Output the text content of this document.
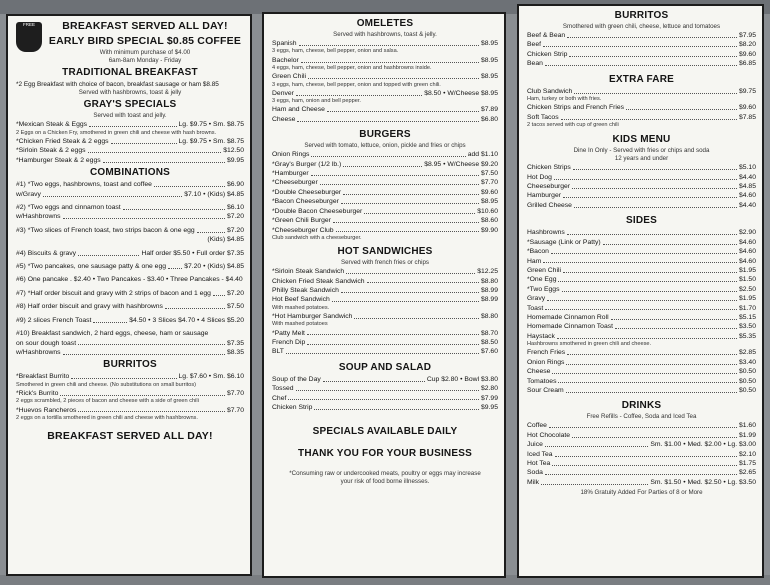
FREE	BREAKFAST SERVED ALL DAY!
EARLY BIRD SPECIAL $0.85 COFFEE
With minimum purchase of $4.00
6am-8am Monday - Friday
TRADITIONAL BREAKFAST
*2 Egg Breakfast with choice of bacon, breakfast sausage or ham $8.85
Served with hashbrowns, toast & jelly
GRAY'S SPECIALS
Served with toast and jelly.
*Mexican Steak & Eggs	Lg. $9.75 • Sm. $8.75
2 Eggs on a Chicken Fry, smothered in green chili and cheese with hash browns.
*Chicken Fried Steak & 2 eggs	Lg. $9.75 • Sm. $8.75
*Sirloin Steak & 2 eggs	$12.50
*Hamburger Steak & 2 eggs	$9.95
COMBINATIONS
#1) *Two eggs, hashbrowns, toast and coffee	$6.90
w/Gravy	$7.10 • (Kids) $4.85
#2) *Two eggs and cinnamon toast	$6.10
w/Hashbrowns	$7.20
#3) *Two slices of French toast, two strips bacon & one egg	$7.20
(Kids) $4.85
#4) Biscuits & gravy	Half order $5.50 • Full order $7.35
#5) *Two pancakes, one sausage patty & one egg	$7.20 • (Kids) $4.85
#6) One pancake . $2.40 • Two Pancakes - $3.40 • Three Pancakes - $4.40
#7) *Half order biscuit and gravy with 2 strips of bacon and 1 egg $7.20
#8) Half order biscuit and gravy with hashbrowns	$7.50
#9) 2 slices French Toast	$4.50 • 3 Slices $4.70 • 4 Slices $5.20
#10) Breakfast sandwich, 2 hard eggs, cheese, ham or sausage
on sour dough toast	$7.35
w/Hashbrowns	$8.35
BURRITOS
*Breakfast Burrito	Lg. $7.60 • Sm. $6.10
Smothered in green chili and cheese. (No substitutions on small burritos)
*Rick's Burrito	$7.70
2 eggs scrambled, 2 pieces of bacon and cheese with a side of green chili
*Huevos Rancheros	$7.70
2 eggs on a tortilla smothered in green chili and cheese with hashbrowns.
BREAKFAST SERVED ALL DAY!
OMELETES
Served with hashbrowns, toast & jelly.
Spanish	$8.95
3 eggs, ham, cheese, bell pepper, onion and salsa.
Bachelor	$8.95
4 eggs, ham, cheese, bell pepper, onion and hashbrowns inside.
Green Chili	$8.95
3 eggs, ham, cheese, bell pepper, onion and topped with green chili.
Denver	$8.50 • W/Cheese $8.95
3 eggs, ham, onion and bell pepper.
Ham and Cheese	$7.89
Cheese	$6.80
BURGERS
Served with tomato, lettuce, onion, pickle and fries or chips
Onion Rings	add $1.10
*Gray's Burger (1/2 lb.)	$8.95 • W/Cheese $9.20
*Hamburger	$7.50
*Cheeseburger	$7.70
*Double Cheeseburger	$9.60
*Bacon Cheeseburger	$8.95
*Double Bacon Cheeseburger	$10.60
*Green Chili Burger	$8.60
*Cheeseburger Club	$9.90
Club sandwich with a cheeseburger.
HOT SANDWICHES
Served with french fries or chips
*Sirloin Steak Sandwich	$12.25
Chicken Fried Steak Sandwich	$8.80
Philly Steak Sandwich	$8.99
Hot Beef Sandwich	$8.99
With mashed potatoes.
*Hot Hamburger Sandwich	$8.80
With mashed potatoes
*Patty Melt	$8.70
French Dip	$8.50
BLT	$7.60
SOUP AND SALAD
Soup of the Day	Cup $2.80 • Bowl $3.80
Tossed	$2.80
Chef	$7.99
Chicken Strip	$9.95
SPECIALS AVAILABLE DAILY
THANK YOU FOR YOUR BUSINESS
*Consuming raw or undercooked meats, poultry or eggs may increase
your risk of food borne illnesses.
BURRITOS
Smothered with green chili, cheese, lettuce and tomatoes
Beef & Bean	$7.95
Beef	$8.20
Chicken Strip	$9.60
Bean	$6.85
EXTRA FARE
Club Sandwich	$9.75
Ham, turkey or both with fries.
Chicken Strips and French Fries	$9.60
Soft Tacos	$7.85
2 tacos served with cup of green chili
KIDS MENU
Dine In Only - Served with fries or chips and soda
12 years and under
Chicken Strips	$5.10
Hot Dog	$4.40
Cheeseburger	$4.85
Hamburger	$4.60
Grilled Cheese	$4.40
SIDES
Hashbrowns	$2.90
*Sausage (Link or Patty)	$4.60
*Bacon	$4.60
Ham	$4.60
Green Chili	$1.95
*One Egg	$1.50
*Two Eggs	$2.50
Gravy	$1.95
Toast	$1.70
Homemade Cinnamon Roll	$5.15
Homemade Cinnamon Toast	$3.50
Haystack	$5.35
Hashbrowns smothered in green chili and cheese.
French Fries	$2.85
Onion Rings	$3.40
Cheese	$0.50
Tomatoes	$0.50
Sour Cream	$0.50
DRINKS
Free Refills - Coffee, Soda and Iced Tea
Coffee	$1.60
Hot Chocolate	$1.99
Juice	Sm. $1.00 • Med. $2.00 • Lg. $3.00
Iced Tea	$2.10
Hot Tea	$1.75
Soda	$2.65
Milk	Sm. $1.50 • Med. $2.50 • Lg. $3.50
18% Gratuity Added For Parties of 8 or More
